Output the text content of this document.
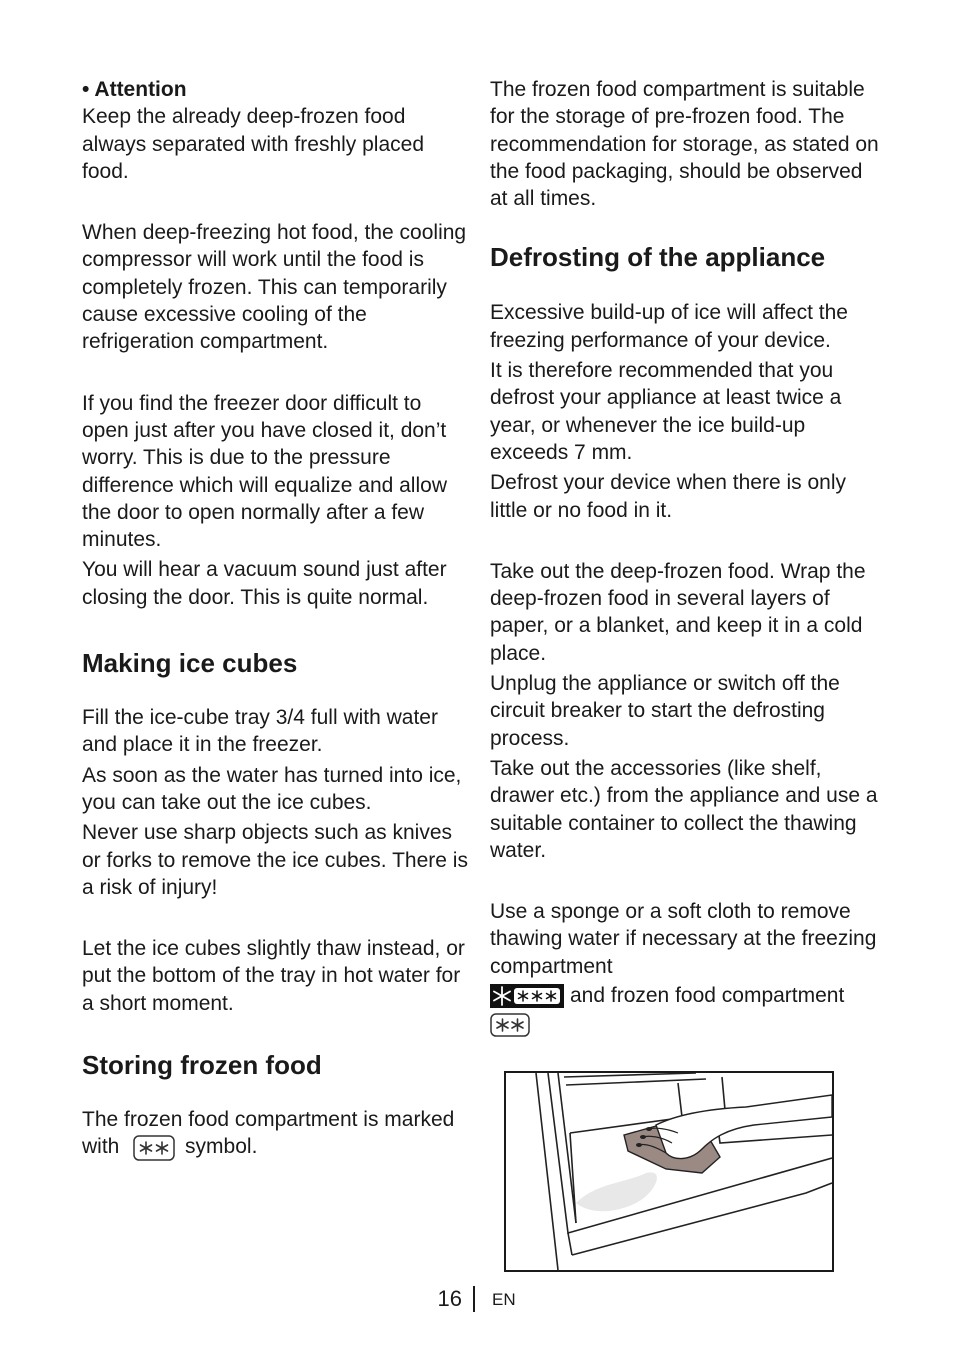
• Attention

Keep the already deep-frozen food always separated with freshly placed food.

When deep-freezing hot food, the cooling compressor will work until the food is completely frozen. This can temporarily cause excessive cooling of the refrigeration compartment.

If you find the freezer door difficult to open just after you have closed it, don’t worry. This is due to the pressure difference which will equalize and allow the door to open normally after a few minutes.

You will hear a vacuum sound just after closing the door. This is quite normal.

Making ice cubes

Fill the ice-cube tray 3/4 full with water and place it in the freezer.

As soon as the water has turned into ice, you can take out the ice cubes.

Never use sharp objects such as knives or forks to remove the ice cubes. There is a risk of injury!

Let the ice cubes slightly thaw instead, or put the bottom of the tray in hot water for a short moment.

Storing frozen food

The frozen food compartment is marked with	symbol.

The frozen food compartment is suitable for the storage of pre-frozen food. The recommendation for storage, as stated on the food packaging, should be observed at all times.

Defrosting of the appliance

Excessive build-up of ice will affect the freezing performance of your device.

It is therefore recommended that you defrost your appliance at least twice a year, or whenever the ice build-up exceeds 7 mm.

Defrost your device when there is only little or no food in it.

Take out the deep-frozen food. Wrap the deep-frozen food in several layers of paper, or a blanket, and keep it in a cold place.

Unplug the appliance or switch off the circuit breaker to start the defrosting process.

Take out the accessories (like shelf, drawer etc.) from the appliance and use a suitable container to collect the thawing water.

Use a sponge or a soft cloth to remove thawing water if necessary at the freezing compartment

and frozen food compartment

16 EN
